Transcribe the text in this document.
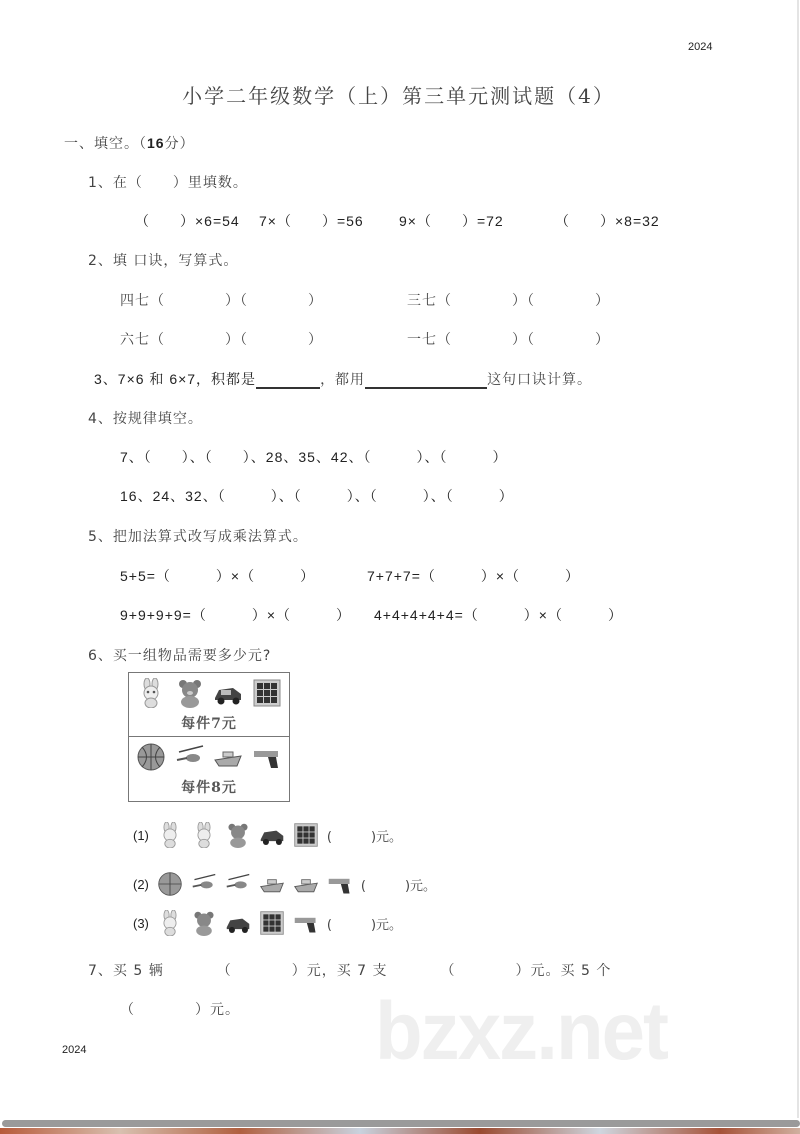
2024
小学二年级数学（上）第三单元测试题（4）
一、填空。（16分）
1、在（　　）里填数。
（　　）×6=54 7×（　　）=56	9×（　　）=72	（　　）×8=32
2、填 口诀，写算式。
四七（　　　　）（　　　　）	三七（　　　　）（　　　　）
六七（　　　　）（　　　　）	一七（　　　　）（　　　　）
3、7×6 和 6×7，积都是	，都用	这句口诀计算。
4、按规律填空。
7、（　　）、（　　）、28、35、42、（　　　）、（　　　）
16、24、32、（　　　）、（　　　）、（　　　）、（　　　）
5、把加法算式改写成乘法算式。
5+5=（　　　）×（　　　）	7+7+7=（　　　）×（　　　）
9+9+9+9=（　　　）×（　　　） 4+4+4+4+4=（　　　）×（　　　）
6、买一组物品需要多少元?
每件7元
每件8元
(1)	(　　　)元。
(2)	(　　　)元。
(3)	(　　　)元。
7、买 5 辆　　　　（　　　　）元，买 7 支　　　　（　　　　）元。买 5 个
（　　　　）元。 bzxz.net
2024
